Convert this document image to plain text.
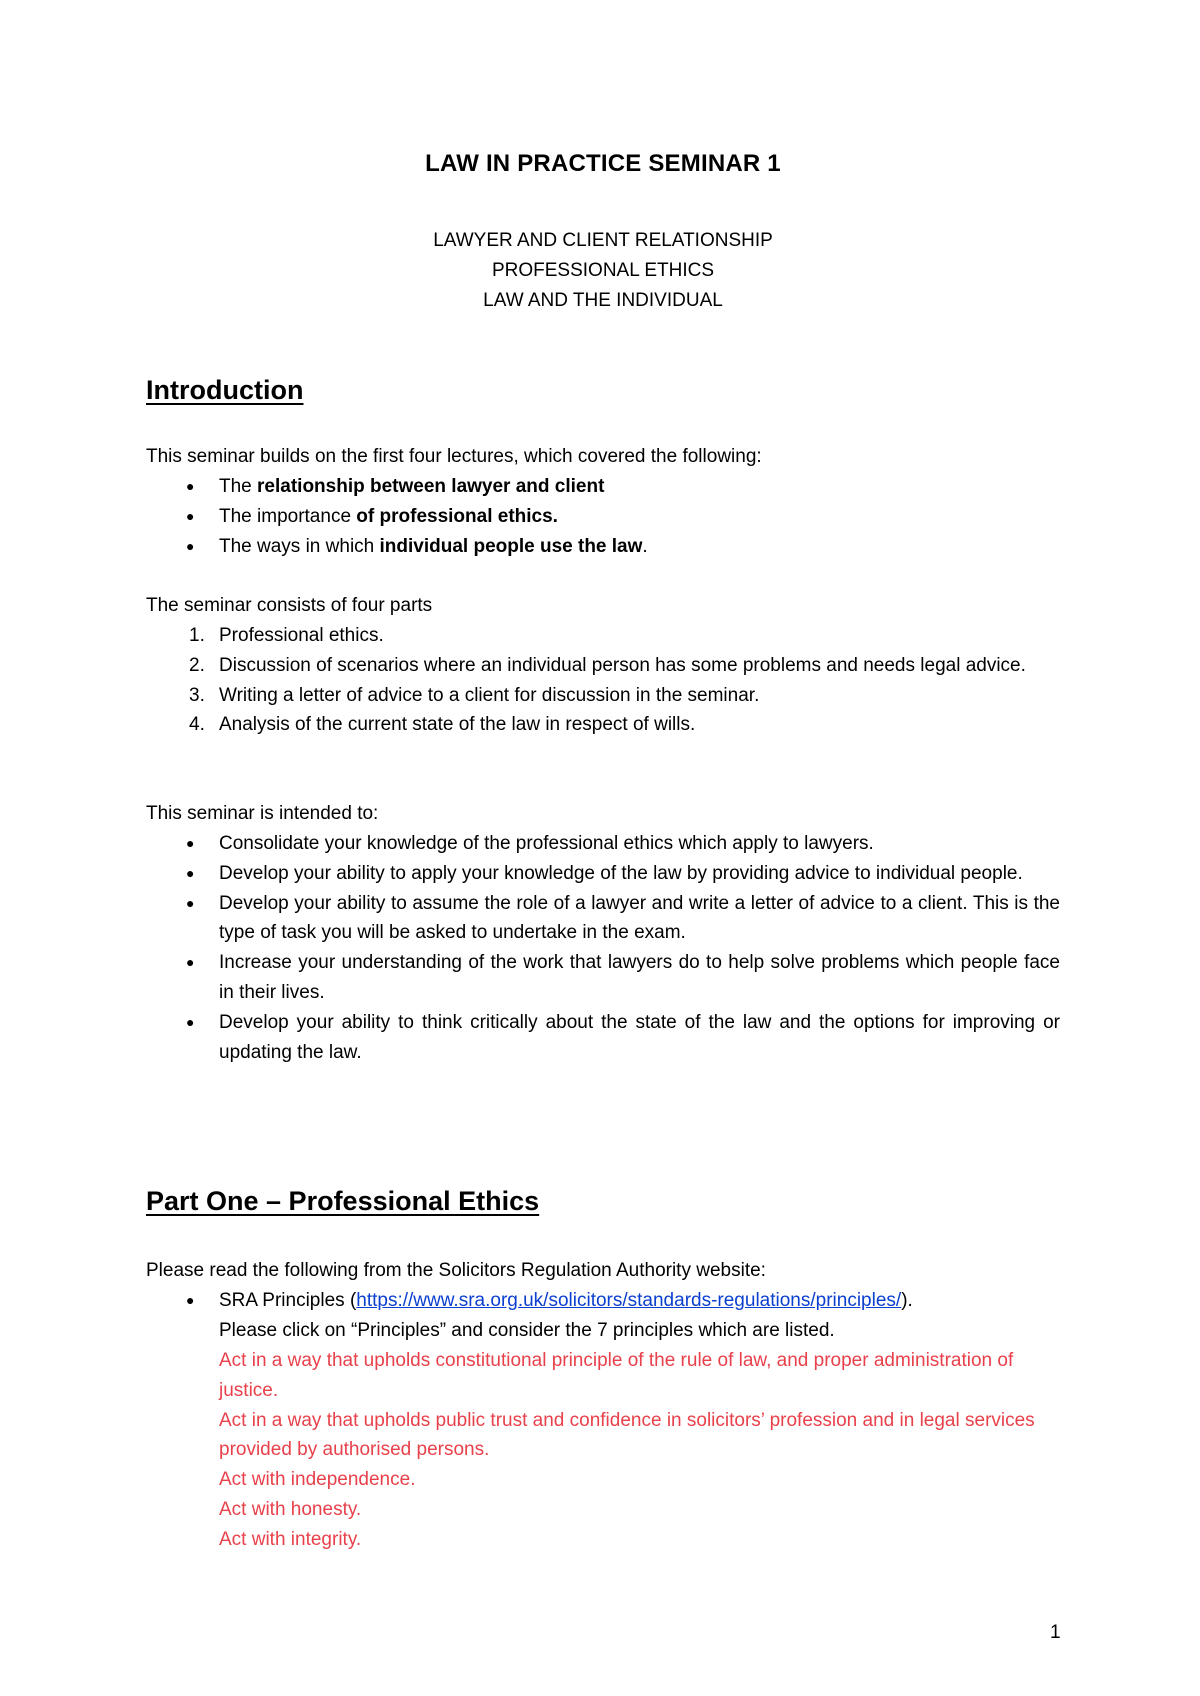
LAW IN PRACTICE SEMINAR 1
LAWYER AND CLIENT RELATIONSHIP
PROFESSIONAL ETHICS
LAW AND THE INDIVIDUAL
Introduction
This seminar builds on the first four lectures, which covered the following:
● The relationship between lawyer and client
● The importance of professional ethics.
● The ways in which individual people use the law.
The seminar consists of four parts
1. Professional ethics.
2. Discussion of scenarios where an individual person has some problems and needs legal advice.
3. Writing a letter of advice to a client for discussion in the seminar.
4. Analysis of the current state of the law in respect of wills.
This seminar is intended to:
● Consolidate your knowledge of the professional ethics which apply to lawyers.
● Develop your ability to apply your knowledge of the law by providing advice to individual people.
● Develop your ability to assume the role of a lawyer and write a letter of advice to a client. This is the type of task you will be asked to undertake in the exam.
● Increase your understanding of the work that lawyers do to help solve problems which people face in their lives.
● Develop your ability to think critically about the state of the law and the options for improving or updating the law.
Part One – Professional Ethics
Please read the following from the Solicitors Regulation Authority website:
● SRA Principles (https://www.sra.org.uk/solicitors/standards-regulations/principles/).
Please click on “Principles” and consider the 7 principles which are listed.
Act in a way that upholds constitutional principle of the rule of law, and proper administration of justice.
Act in a way that upholds public trust and confidence in solicitors’ profession and in legal services provided by authorised persons.
Act with independence.
Act with honesty.
Act with integrity.
1
